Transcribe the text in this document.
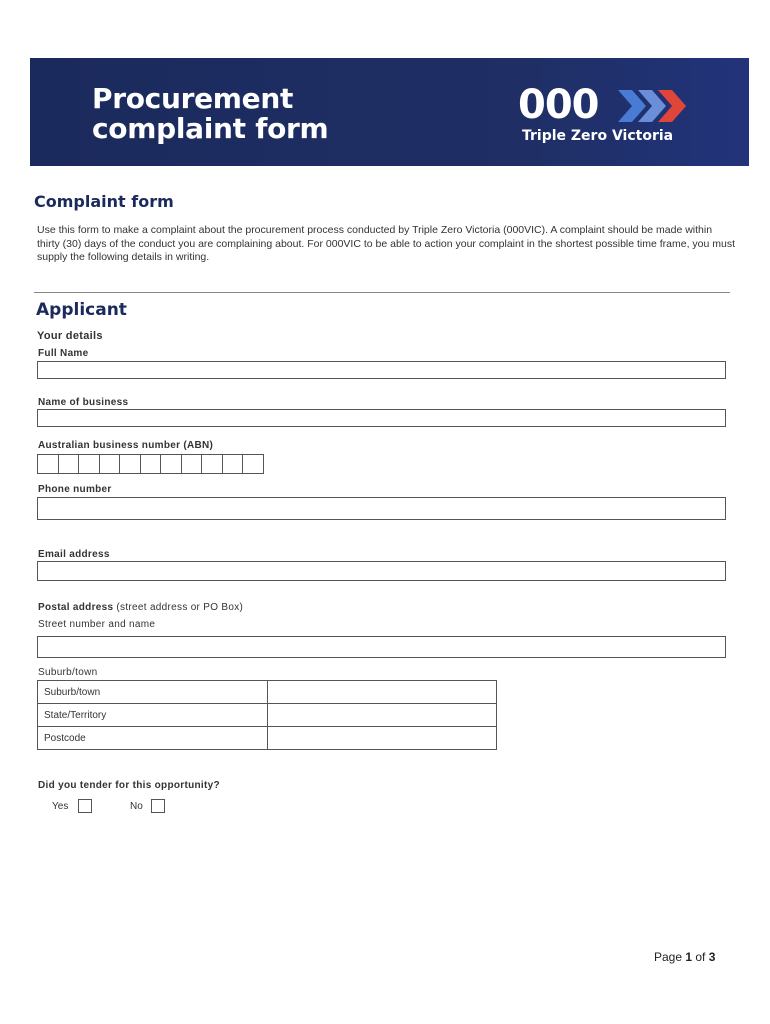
Procurement
complaint form
000
Triple Zero Victoria
Complaint form
Use this form to make a complaint about the procurement process conducted by Triple Zero Victoria (000VIC). A complaint should be made within thirty (30) days of the conduct you are complaining about. For 000VIC to be able to action your complaint in the shortest possible time frame, you must supply the following details in writing.
Applicant
Your details
Full Name
Name of business
Australian business number (ABN)
Phone number
Email address
Postal address (street address or PO Box)
Street number and name
Suburb/town
Suburb/town	
State/Territory	
Postcode	
Did you tender for this opportunity?
Yes	No
Page 1 of 3
